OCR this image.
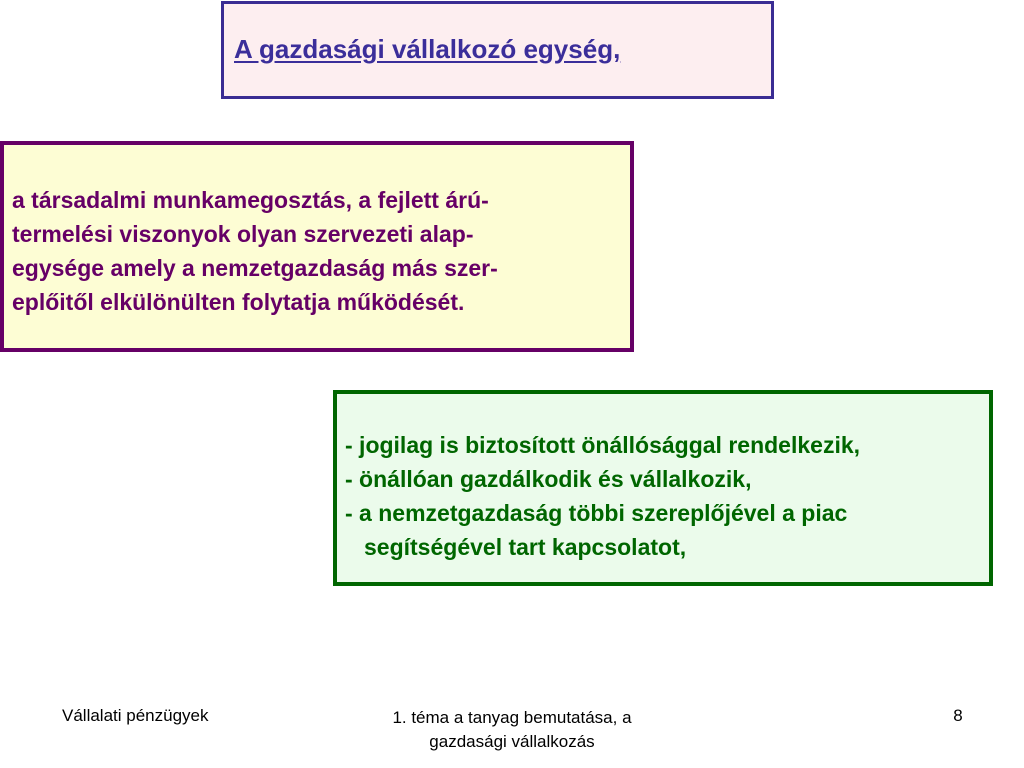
A gazdasági vállalkozó egység,
a társadalmi munkamegosztás, a fejlett árú-
termelési viszonyok olyan szervezeti alap-
egysége amely a nemzetgazdaság más szer-
eplőitől elkülönülten folytatja működését.
- jogilag is biztosított önállósággal rendelkezik,
- önállóan gazdálkodik és vállalkozik,
- a nemzetgazdaság többi szereplőjével a piac
segítségével tart kapcsolatot,
Vállalati pénzügyek	1. téma a tanyag bemutatása, a
gazdasági vállalkozás
8
